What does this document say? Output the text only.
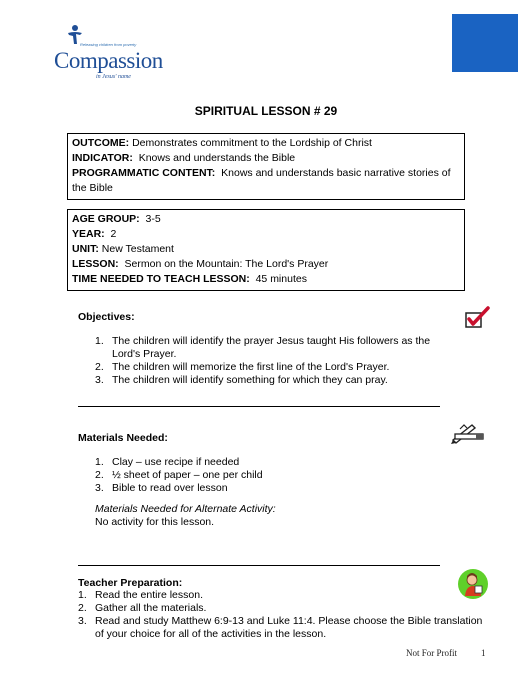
Releasing children from poverty
Compassion
in Jesus' name
SPIRITUAL LESSON # 29
OUTCOME: Demonstrates commitment to the Lordship of Christ
INDICATOR: Knows and understands the Bible
PROGRAMMATIC CONTENT: Knows and understands basic narrative stories of the Bible
AGE GROUP: 3-5
YEAR: 2
UNIT: New Testament
LESSON: Sermon on the Mountain: The Lord's Prayer
TIME NEEDED TO TEACH LESSON: 45 minutes
Objectives:
1. The children will identify the prayer Jesus taught His followers as the Lord's Prayer.
2. The children will memorize the first line of the Lord's Prayer.
3. The children will identify something for which they can pray.
Materials Needed:
1. Clay – use recipe if needed
2. ½ sheet of paper – one per child
3. Bible to read over lesson
Materials Needed for Alternate Activity:
No activity for this lesson.
Teacher Preparation:
1. Read the entire lesson.
2. Gather all the materials.
3. Read and study Matthew 6:9-13 and Luke 11:4. Please choose the Bible translation of your choice for all of the activities in the lesson.
Not For Profit	1
